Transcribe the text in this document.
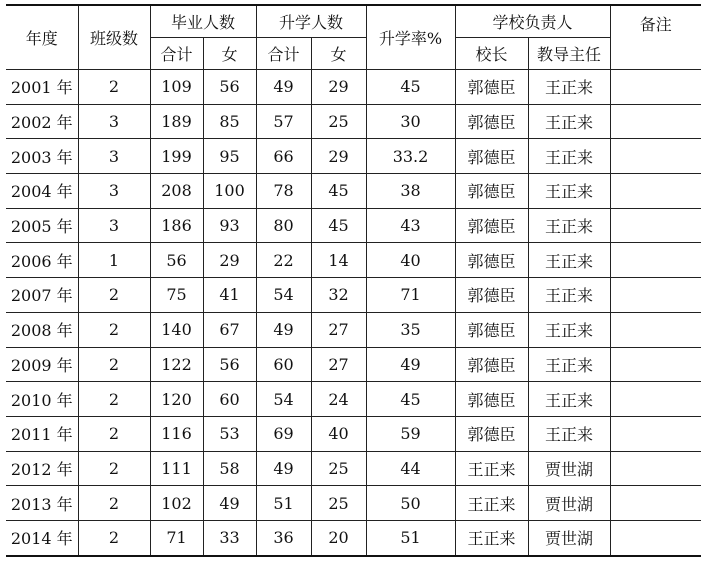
年度	班级数	毕业人数		升学人数		升学率%	学校负责人		备注
		合计	女	合计	女		校长	教导主任	
2001 年	2	109	56	49	29	45	郭德臣	王正来	
2002 年	3	189	85	57	25	30	郭德臣	王正来	
2003 年	3	199	95	66	29	33.2	郭德臣	王正来	
2004 年	3	208	100	78	45	38	郭德臣	王正来	
2005 年	3	186	93	80	45	43	郭德臣	王正来	
2006 年	1	56	29	22	14	40	郭德臣	王正来	
2007 年	2	75	41	54	32	71	郭德臣	王正来	
2008 年	2	140	67	49	27	35	郭德臣	王正来	
2009 年	2	122	56	60	27	49	郭德臣	王正来	
2010 年	2	120	60	54	24	45	郭德臣	王正来	
2011 年	2	116	53	69	40	59	郭德臣	王正来	
2012 年	2	111	58	49	25	44	王正来	贾世湖	
2013 年	2	102	49	51	25	50	王正来	贾世湖	
2014 年	2	71	33	36	20	51	王正来	贾世湖	
